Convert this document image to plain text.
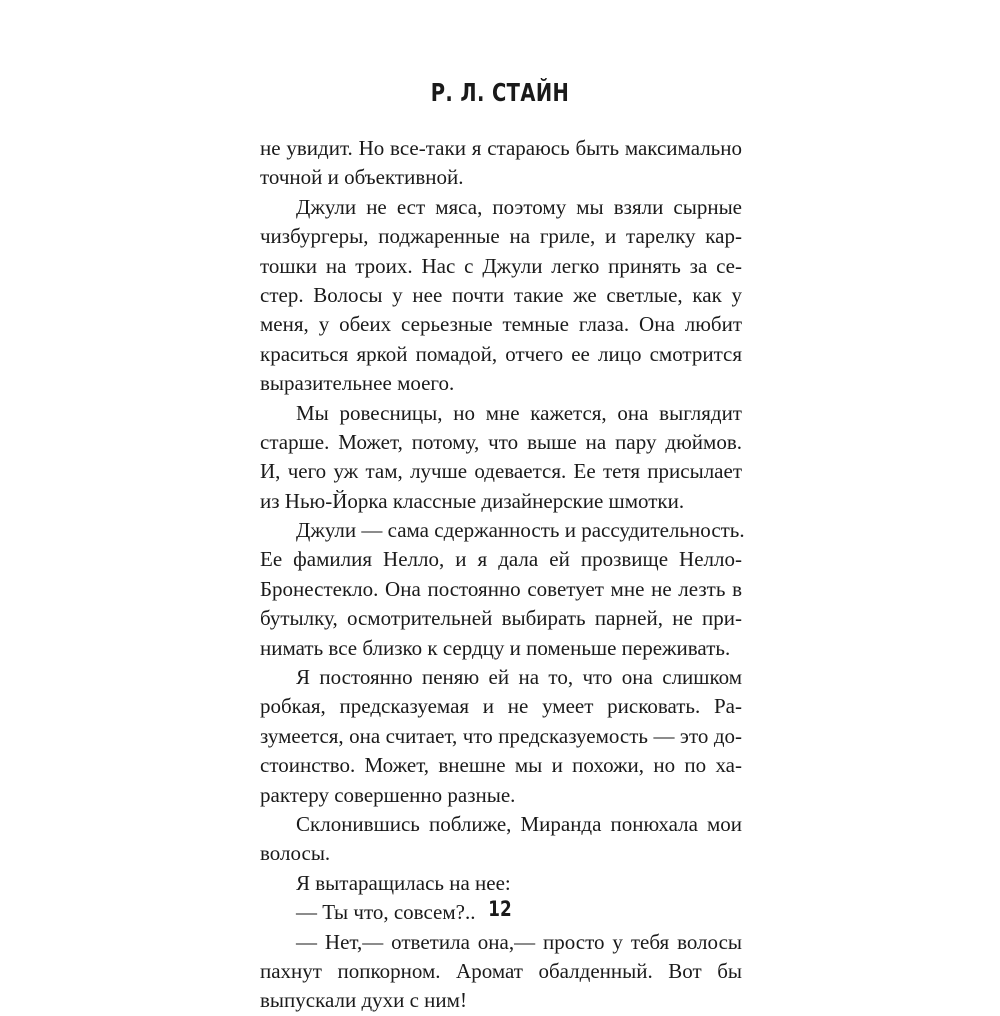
Р. Л. СТАЙН
не увидит. Но все-таки я стараюсь быть максимально
точной и объективной.
Джули не ест мяса, поэтому мы взяли сырные
чизбургеры, поджаренные на гриле, и тарелку кар-
тошки на троих. Нас с Джули легко принять за се-
стер. Волосы у нее почти такие же светлые, как у
меня, у обеих серьезные темные глаза. Она любит
краситься яркой помадой, отчего ее лицо смотрится
выразительнее моего.
Мы ровесницы, но мне кажется, она выглядит
старше. Может, потому, что выше на пару дюймов.
И, чего уж там, лучше одевается. Ее тетя присылает
из Нью-Йорка классные дизайнерские шмотки.
Джули — сама сдержанность и рассудительность.
Ее фамилия Нелло, и я дала ей прозвище Нелло-
Бронестекло. Она постоянно советует мне не лезть в
бутылку, осмотрительней выбирать парней, не при-
нимать все близко к сердцу и поменьше переживать.
Я постоянно пеняю ей на то, что она слишком
робкая, предсказуемая и не умеет рисковать. Ра-
зумеется, она считает, что предсказуемость — это до-
стоинство. Может, внешне мы и похожи, но по ха-
рактеру совершенно разные.
Склонившись поближе, Миранда понюхала мои
волосы.
Я вытаращилась на нее:
— Ты что, совсем?..
— Нет,— ответила она,— просто у тебя волосы
пахнут попкорном. Аромат обалденный. Вот бы
выпускали духи с ним!
12
